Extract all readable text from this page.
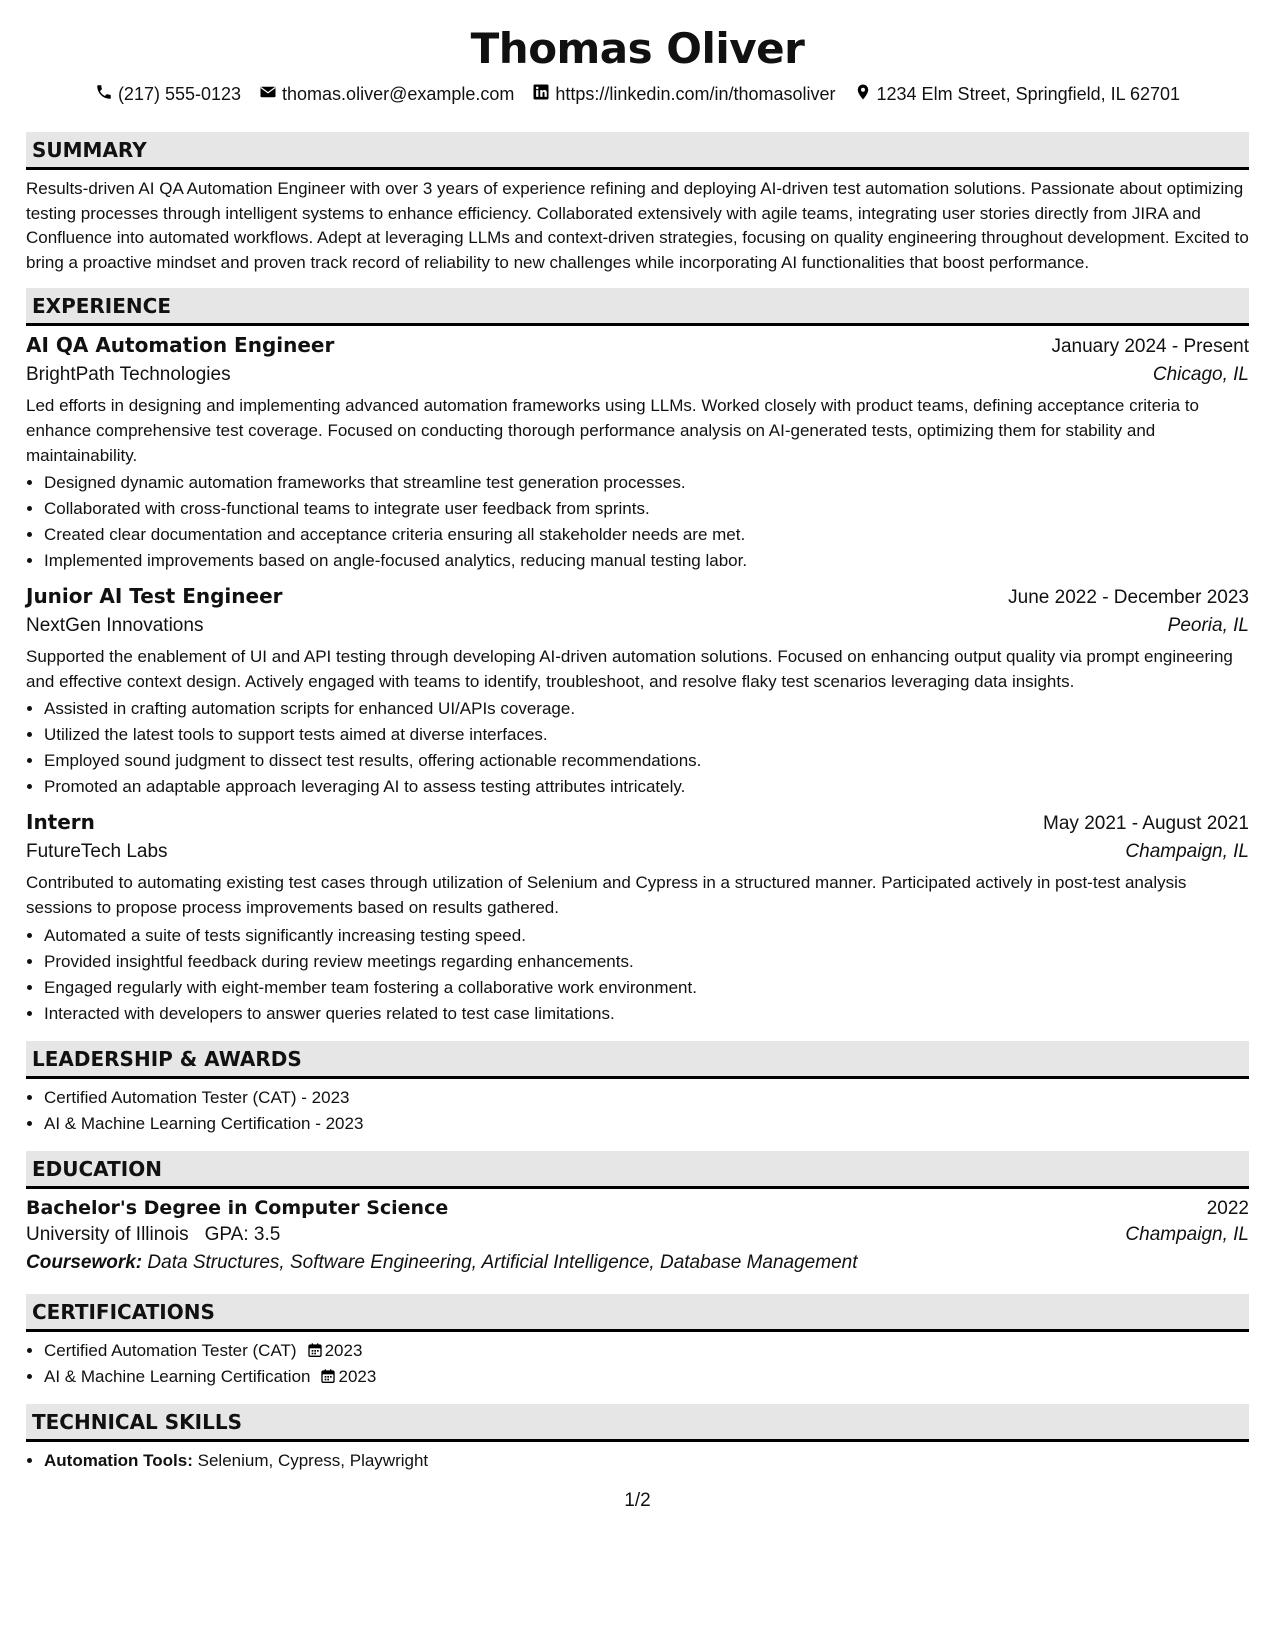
Thomas Oliver
(217) 555-0123 thomas.oliver@example.com https://linkedin.com/in/thomasoliver 1234 Elm Street, Springfield, IL 62701
SUMMARY

Results-driven AI QA Automation Engineer with over 3 years of experience refining and deploying AI-driven test automation solutions. Passionate about optimizing testing processes through intelligent systems to enhance efficiency. Collaborated extensively with agile teams, integrating user stories directly from JIRA and Confluence into automated workflows. Adept at leveraging LLMs and context-driven strategies, focusing on quality engineering throughout development. Excited to bring a proactive mindset and proven track record of reliability to new challenges while incorporating AI functionalities that boost performance.

EXPERIENCE
AI QA Automation Engineer	January 2024 - Present
BrightPath Technologies	Chicago, IL

Led efforts in designing and implementing advanced automation frameworks using LLMs. Worked closely with product teams, defining acceptance criteria to enhance comprehensive test coverage. Focused on conducting thorough performance analysis on AI-generated tests, optimizing them for stability and maintainability.

• Designed dynamic automation frameworks that streamline test generation processes.
• Collaborated with cross-functional teams to integrate user feedback from sprints.
• Created clear documentation and acceptance criteria ensuring all stakeholder needs are met.
• Implemented improvements based on angle-focused analytics, reducing manual testing labor.
Junior AI Test Engineer	June 2022 - December 2023
NextGen Innovations	Peoria, IL

Supported the enablement of UI and API testing through developing AI-driven automation solutions. Focused on enhancing output quality via prompt engineering and effective context design. Actively engaged with teams to identify, troubleshoot, and resolve flaky test scenarios leveraging data insights.

• Assisted in crafting automation scripts for enhanced UI/APIs coverage.
• Utilized the latest tools to support tests aimed at diverse interfaces.
• Employed sound judgment to dissect test results, offering actionable recommendations.
• Promoted an adaptable approach leveraging AI to assess testing attributes intricately.
Intern	May 2021 - August 2021
FutureTech Labs	Champaign, IL

Contributed to automating existing test cases through utilization of Selenium and Cypress in a structured manner. Participated actively in post-test analysis sessions to propose process improvements based on results gathered.

• Automated a suite of tests significantly increasing testing speed.
• Provided insightful feedback during review meetings regarding enhancements.
• Engaged regularly with eight-member team fostering a collaborative work environment.
• Interacted with developers to answer queries related to test case limitations.
LEADERSHIP & AWARDS
• Certified Automation Tester (CAT) - 2023
• AI & Machine Learning Certification - 2023
EDUCATION
Bachelor's Degree in Computer Science	2022
University of Illinois GPA: 3.5	Champaign, IL
Coursework: Data Structures, Software Engineering, Artificial Intelligence, Database Management
CERTIFICATIONS
• Certified Automation Tester (CAT) 2023
• AI & Machine Learning Certification 2023
TECHNICAL SKILLS
• Automation Tools: Selenium, Cypress, Playwright
1/2
